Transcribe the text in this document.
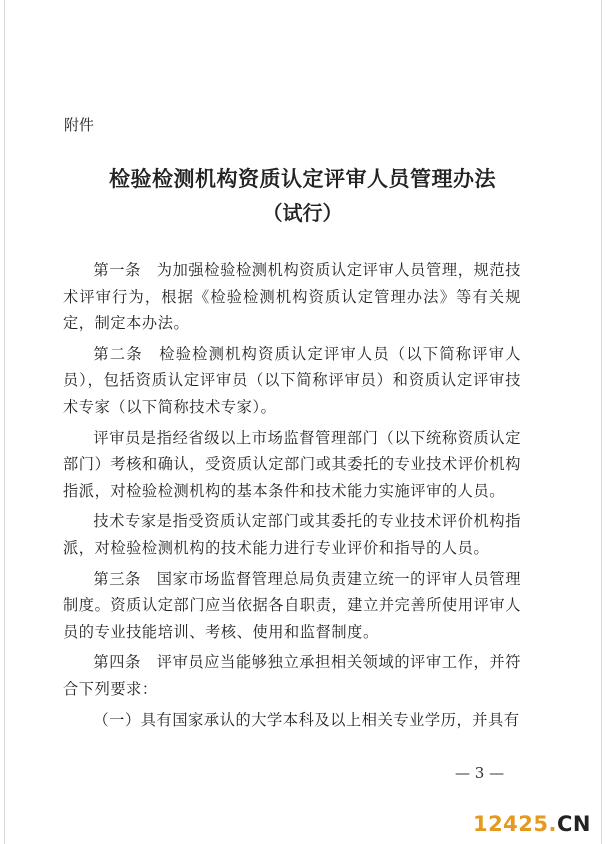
附件
检验检测机构资质认定评审人员管理办法
（试行）

第一条　为加强检验检测机构资质认定评审人员管理，规范技术评审行为，根据《检验检测机构资质认定管理办法》等有关规定，制定本办法。

第二条　检验检测机构资质认定评审人员（以下简称评审人员），包括资质认定评审员（以下简称评审员）和资质认定评审技术专家（以下简称技术专家）。

评审员是指经省级以上市场监督管理部门（以下统称资质认定部门）考核和确认，受资质认定部门或其委托的专业技术评价机构指派，对检验检测机构的基本条件和技术能力实施评审的人员。

技术专家是指受资质认定部门或其委托的专业技术评价机构指派，对检验检测机构的技术能力进行专业评价和指导的人员。

第三条　国家市场监督管理总局负责建立统一的评审人员管理制度。资质认定部门应当依据各自职责，建立并完善所使用评审人员的专业技能培训、考核、使用和监督制度。

第四条　评审员应当能够独立承担相关领域的评审工作，并符合下列要求：

（一）具有国家承认的大学本科及以上相关专业学历，并具有

— 3 —
12425 . CN
